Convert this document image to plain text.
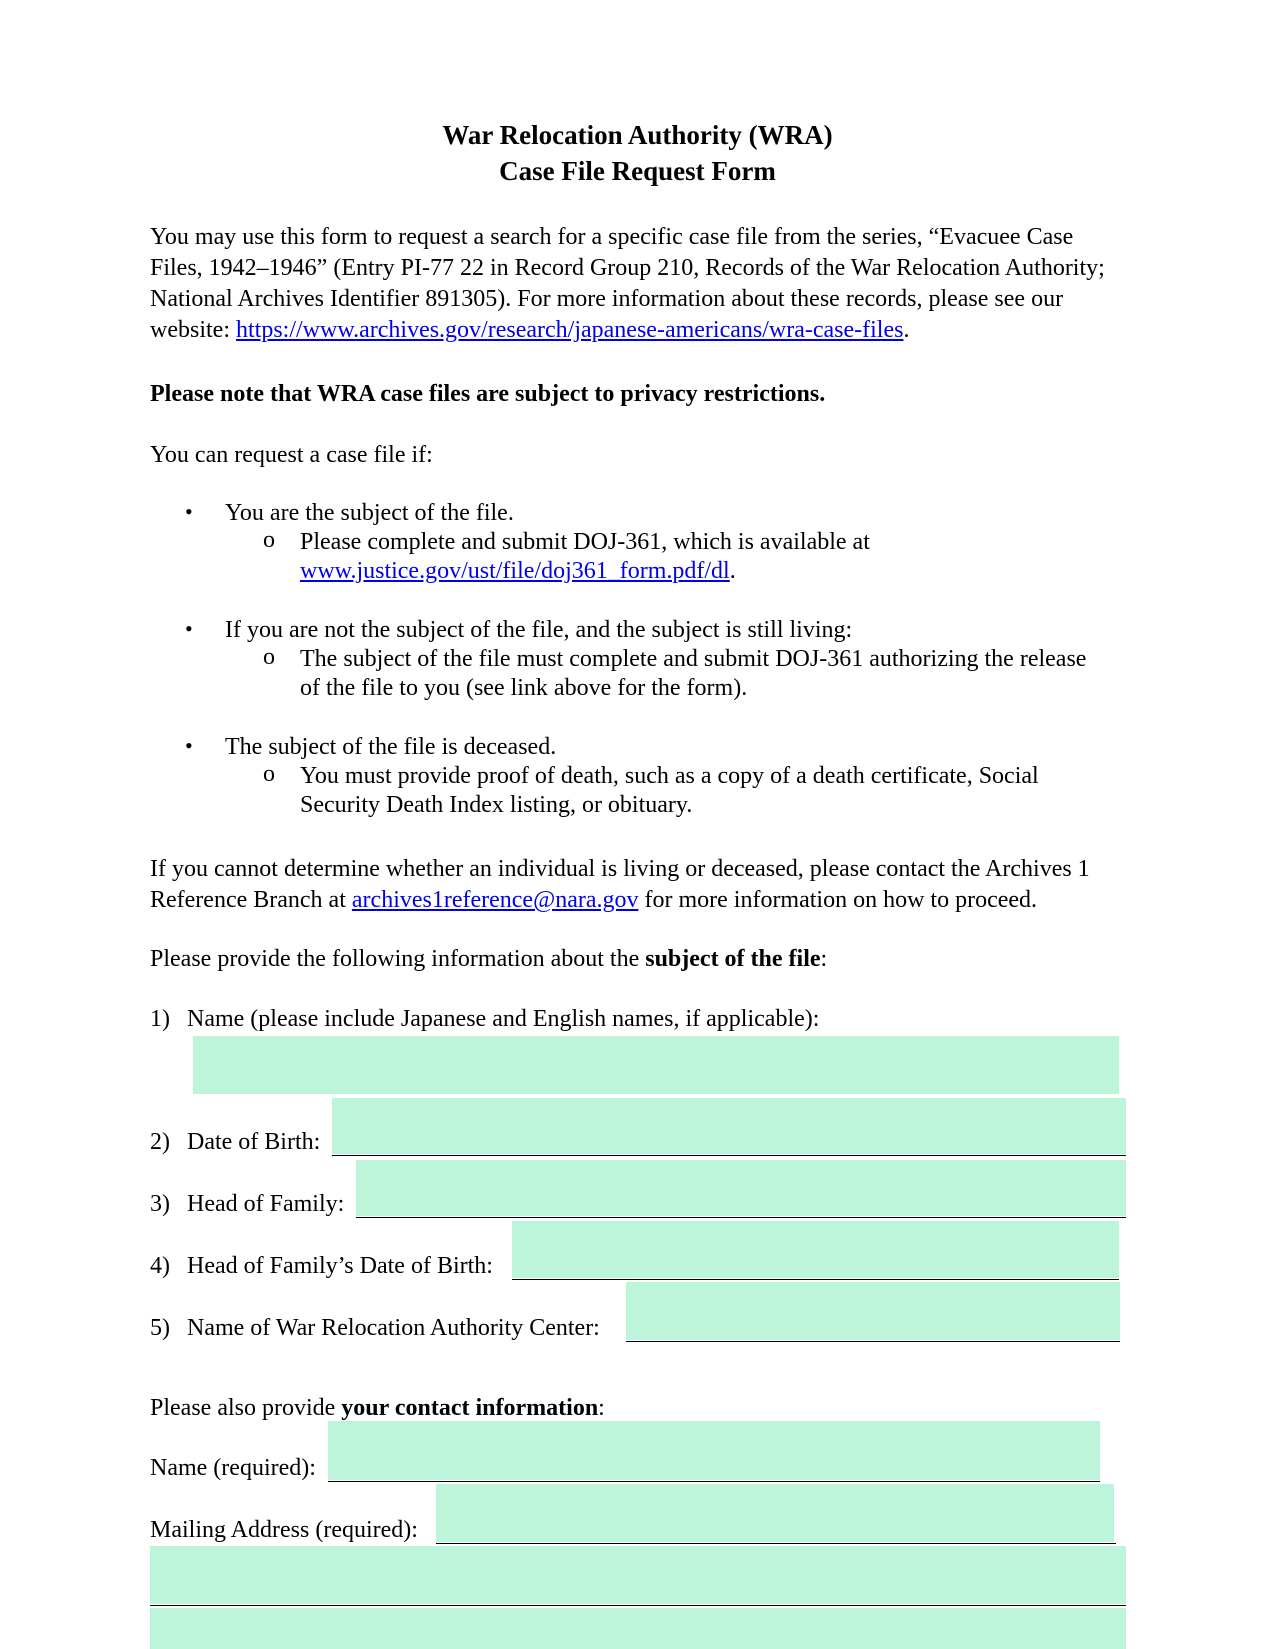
War Relocation Authority (WRA)
Case File Request Form

You may use this form to request a search for a specific case file from the series, “Evacuee Case Files, 1942–1946” (Entry PI-77 22 in Record Group 210, Records of the War Relocation Authority; National Archives Identifier 891305). For more information about these records, please see our website: https://www.archives.gov/research/japanese-americans/wra-case-files.

Please note that WRA case files are subject to privacy restrictions.
You can request a case file if:
• You are the subject of the file.
o Please complete and submit DOJ-361, which is available at
www.justice.gov/ust/file/doj361_form.pdf/dl.
• If you are not the subject of the file, and the subject is still living:
o The subject of the file must complete and submit DOJ-361 authorizing the release
of the file to you (see link above for the form).
• The subject of the file is deceased.
o You must provide proof of death, such as a copy of a death certificate, Social
Security Death Index listing, or obituary.

If you cannot determine whether an individual is living or deceased, please contact the Archives 1 Reference Branch at archives1reference@nara.gov for more information on how to proceed.

Please provide the following information about the subject of the file:
1) Name (please include Japanese and English names, if applicable):
2) Date of Birth:
3) Head of Family:
4) Head of Family’s Date of Birth:
5) Name of War Relocation Authority Center:
Please also provide your contact information:
Name (required):
Mailing Address (required):
